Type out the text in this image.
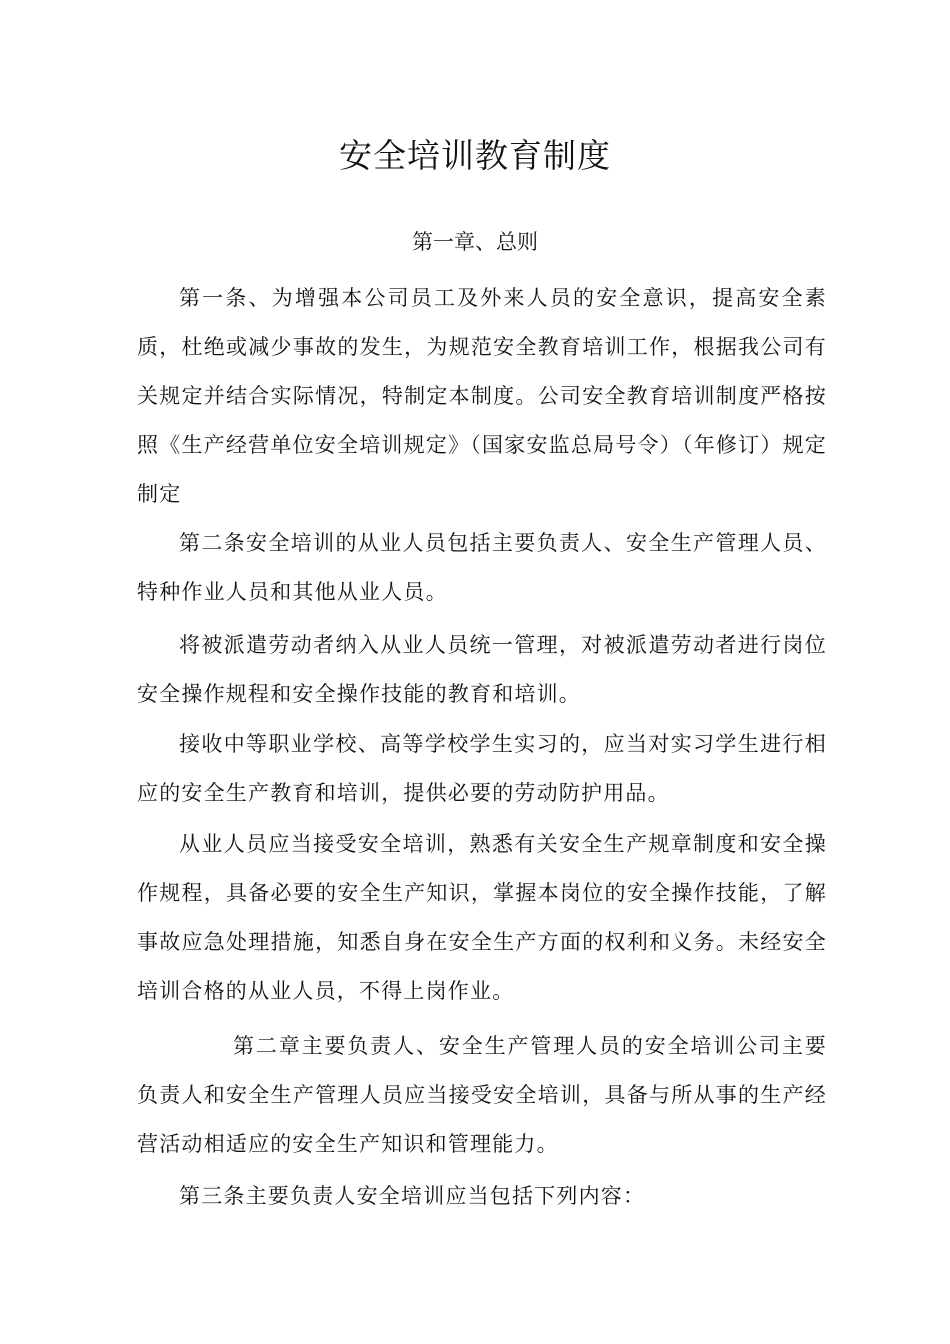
安全培训教育制度
第一章、总则

第一条、为增强本公司员工及外来人员的安全意识，提高安全素质，杜绝或减少事故的发生，为规范安全教育培训工作，根据我公司有关规定并结合实际情况，特制定本制度。公司安全教育培训制度严格按照《生产经营单位安全培训规定》（国家安监总局号令）（年修订）规定制定

第二条安全培训的从业人员包括主要负责人、安全生产管理人员、特种作业人员和其他从业人员。

将被派遣劳动者纳入从业人员统一管理，对被派遣劳动者进行岗位安全操作规程和安全操作技能的教育和培训。

接收中等职业学校、高等学校学生实习的，应当对实习学生进行相应的安全生产教育和培训，提供必要的劳动防护用品。

从业人员应当接受安全培训，熟悉有关安全生产规章制度和安全操作规程，具备必要的安全生产知识，掌握本岗位的安全操作技能，了解事故应急处理措施，知悉自身在安全生产方面的权利和义务。未经安全培训合格的从业人员，不得上岗作业。

第二章主要负责人、安全生产管理人员的安全培训公司主要负责人和安全生产管理人员应当接受安全培训，具备与所从事的生产经营活动相适应的安全生产知识和管理能力。

第三条主要负责人安全培训应当包括下列内容：
